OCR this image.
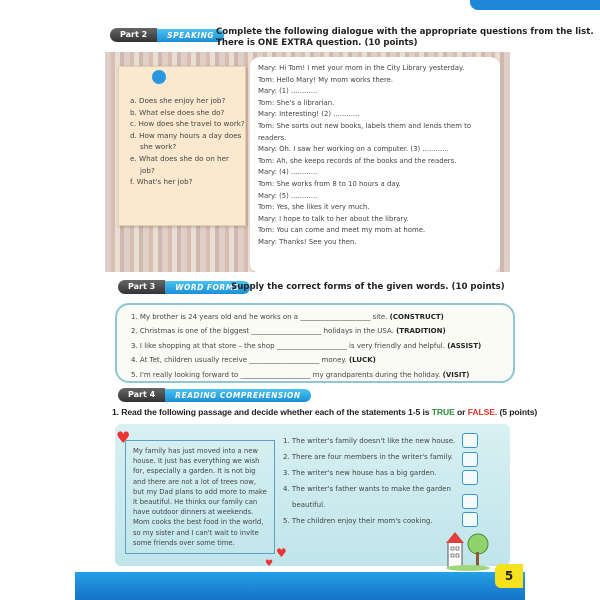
Part 2	SPEAKING Complete the following dialogue with the appropriate questions from the list.
There is ONE EXTRA question. (10 points)
a. Does she enjoy her job?
b. What else does she do?
c. How does she travel to work?
d. How many hours a day does she work?
e. What does she do on her job?
f. What's her job?
Mary: Hi Tom! I met your mom in the City Library yesterday.
Tom: Hello Mary! My mom works there.
Mary: (1) ............
Tom: She's a librarian.
Mary: Interesting! (2) ............
Tom: She sorts out new books, labels them and lends them to readers.
Mary: Oh. I saw her working on a computer. (3) ............
Tom: Ah, she keeps records of the books and the readers.
Mary: (4) ............
Tom: She works from 8 to 10 hours a day.
Mary: (5) ............
Tom: Yes, she likes it very much.
Mary: I hope to talk to her about the library.
Tom: You can come and meet my mom at home.
Mary: Thanks! See you then.
Part 3	WORD FORMS
Supply the correct forms of the given words. (10 points)
1. My brother is 24 years old and he works on a ____________________ site. (CONSTRUCT)
2. Christmas is one of the biggest ____________________ holidays in the USA. (TRADITION)
3. I like shopping at that store – the shop ____________________ is very friendly and helpful. (ASSIST)
4. At Tet, children usually receive ____________________ money. (LUCK)
5. I'm really looking forward to ____________________ my grandparents during the holiday. (VISIT)
Part 4	READING COMPREHENSION
1. Read the following passage and decide whether each of the statements 1-5 is TRUE or FALSE. (5 points)
♥
♥
♥
My family has just moved into a new house. It just has everything we wish for, especially a garden. It is not big and there are not a lot of trees now, but my Dad plans to add more to make it beautiful. He thinks our family can have outdoor dinners at weekends. Mom cooks the best food in the world, so my sister and I can't wait to invite some friends over some time.
1. The writer's family doesn't like the new house.
2. There are four members in the writer's family.
3. The writer's new house has a big garden.
4. The writer's father wants to make the garden beautiful.
5. The children enjoy their mom's cooking.
5
